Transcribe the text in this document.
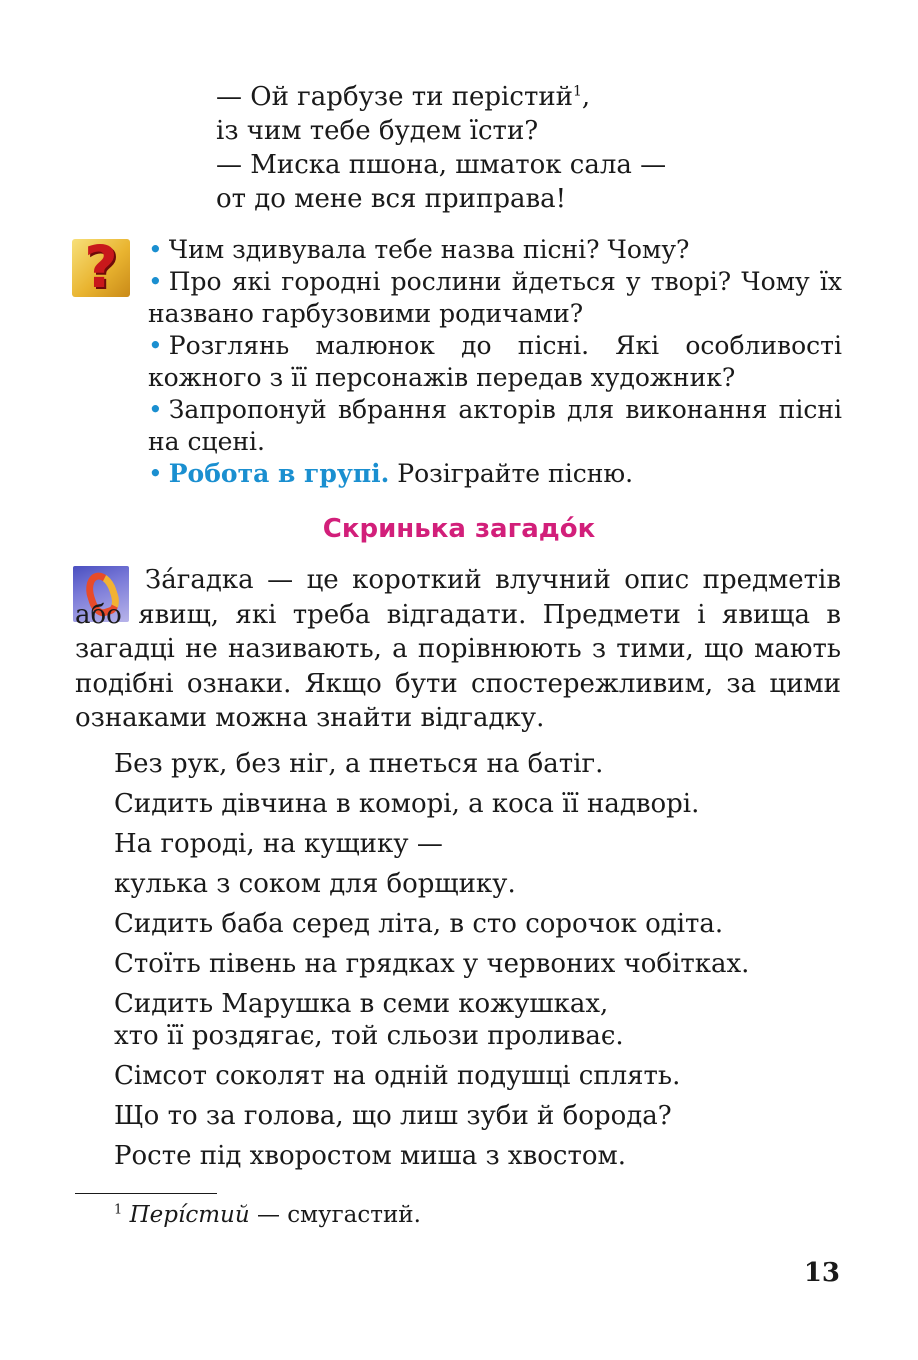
— Ой гарбузе ти перістий$^1$,
із чим тебе будем їсти?
— Миска пшона, шматок сала —
от до мене вся приправа!
?	• Чим здивувала тебе назва пісні? Чому?
• Про які городні рослини йдеться у творі? Чому їх названо гарбузовими родичами?
• Розглянь малюнок до пісні. Які особливості кожного з її персонажів передав художник?
• Запропонуй вбрання акторів для виконання пісні на сцені.
• Робота в групі. Розіграйте пісню.
Скринька загадо́к
За́гадка — це короткий влучний опис предметів або явищ, які треба відгадати. Предмети і явища в загадці не називають, а порівнюють з тими, що мають подібні ознаки. Якщо бути спостережливим, за цими ознаками можна знайти відгадку.
Без рук, без ніг, а пнеться на батіг.
Сидить дівчина в коморі, а коса її надворі.
На городі, на кущику —
кулька з соком для борщику.
Сидить баба серед літа, в сто сорочок одіта.
Стоїть півень на грядках у червоних чобітках.
Сидить Марушка в семи кожушках,
хто її роздягає, той сльози проливає.
Сімсот соколят на одній подушці сплять.
Що то за голова, що лиш зуби й борода?
Росте під хворостом миша з хвостом.
$^1$ Пері́стий — смугастий.
13
